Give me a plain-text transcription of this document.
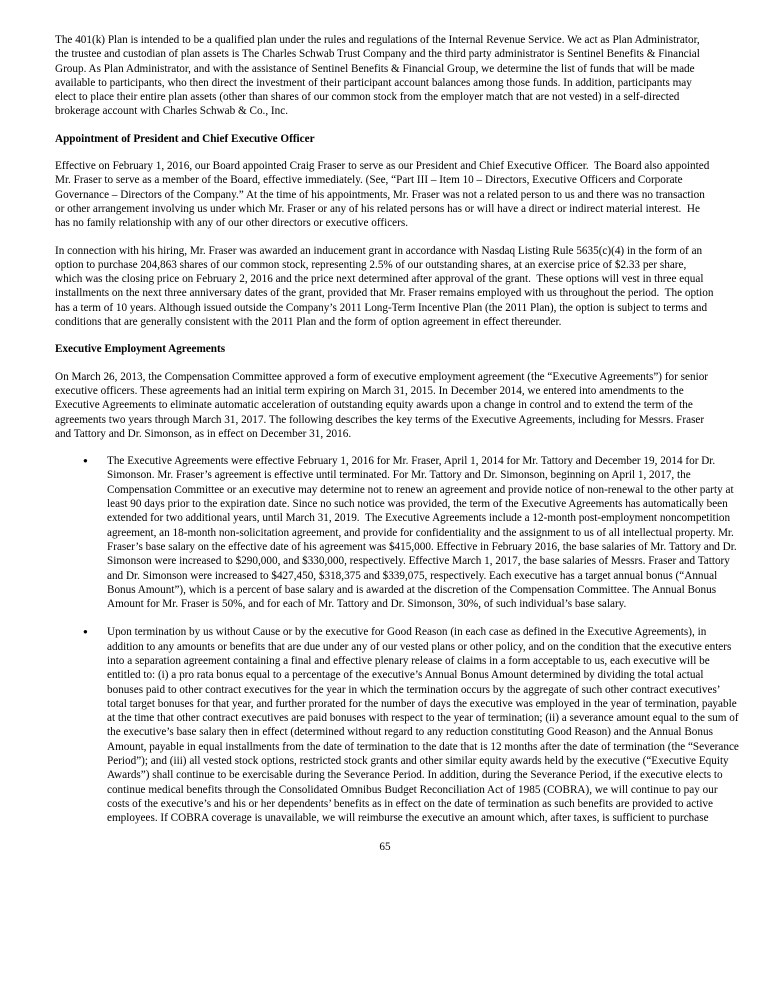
The 401(k) Plan is intended to be a qualified plan under the rules and regulations of the Internal Revenue Service. We act as Plan Administrator, the trustee and custodian of plan assets is The Charles Schwab Trust Company and the third party administrator is Sentinel Benefits & Financial Group. As Plan Administrator, and with the assistance of Sentinel Benefits & Financial Group, we determine the list of funds that will be made available to participants, who then direct the investment of their participant account balances among those funds. In addition, participants may elect to place their entire plan assets (other than shares of our common stock from the employer match that are not vested) in a self-directed brokerage account with Charles Schwab & Co., Inc.

Appointment of President and Chief Executive Officer

Effective on February 1, 2016, our Board appointed Craig Fraser to serve as our President and Chief Executive Officer.  The Board also appointed Mr. Fraser to serve as a member of the Board, effective immediately. (See, “Part III – Item 10 – Directors, Executive Officers and Corporate Governance – Directors of the Company.” At the time of his appointments, Mr. Fraser was not a related person to us and there was no transaction or other arrangement involving us under which Mr. Fraser or any of his related persons has or will have a direct or indirect material interest.  He has no family relationship with any of our other directors or executive officers.

In connection with his hiring, Mr. Fraser was awarded an inducement grant in accordance with Nasdaq Listing Rule 5635(c)(4) in the form of an option to purchase 204,863 shares of our common stock, representing 2.5% of our outstanding shares, at an exercise price of $2.33 per share, which was the closing price on February 2, 2016 and the price next determined after approval of the grant.  These options will vest in three equal installments on the next three anniversary dates of the grant, provided that Mr. Fraser remains employed with us throughout the period.  The option has a term of 10 years. Although issued outside the Company’s 2011 Long-Term Incentive Plan (the 2011 Plan), the option is subject to terms and conditions that are generally consistent with the 2011 Plan and the form of option agreement in effect thereunder.

Executive Employment Agreements

On March 26, 2013, the Compensation Committee approved a form of executive employment agreement (the “Executive Agreements”) for senior executive officers. These agreements had an initial term expiring on March 31, 2015. In December 2014, we entered into amendments to the Executive Agreements to eliminate automatic acceleration of outstanding equity awards upon a change in control and to extend the term of the agreements two years through March 31, 2017. The following describes the key terms of the Executive Agreements, including for Messrs. Fraser and Tattory and Dr. Simonson, as in effect on December 31, 2016.

●	The Executive Agreements were effective February 1, 2016 for Mr. Fraser, April 1, 2014 for Mr. Tattory and December 19, 2014 for Dr. Simonson. Mr. Fraser’s agreement is effective until terminated. For Mr. Tattory and Dr. Simonson, beginning on April 1, 2017, the Compensation Committee or an executive may determine not to renew an agreement and provide notice of non-renewal to the other party at least 90 days prior to the expiration date. Since no such notice was provided, the term of the Executive Agreements has automatically been extended for two additional years, until March 31, 2019.  The Executive Agreements include a 12-month post-employment noncompetition agreement, an 18-month non-solicitation agreement, and provide for confidentiality and the assignment to us of all intellectual property. Mr. Fraser’s base salary on the effective date of his agreement was $415,000. Effective in February 2016, the base salaries of Mr. Tattory and Dr. Simonson were increased to $290,000, and $330,000, respectively. Effective March 1, 2017, the base salaries of Messrs. Fraser and Tattory and Dr. Simonson were increased to $427,450, $318,375 and $339,075, respectively. Each executive has a target annual bonus (“Annual Bonus Amount”), which is a percent of base salary and is awarded at the discretion of the Compensation Committee. The Annual Bonus Amount for Mr. Fraser is 50%, and for each of Mr. Tattory and Dr. Simonson, 30%, of such individual’s base salary.
●	Upon termination by us without Cause or by the executive for Good Reason (in each case as defined in the Executive Agreements), in addition to any amounts or benefits that are due under any of our vested plans or other policy, and on the condition that the executive enters into a separation agreement containing a final and effective plenary release of claims in a form acceptable to us, each executive will be entitled to: (i) a pro rata bonus equal to a percentage of the executive’s Annual Bonus Amount determined by dividing the total actual bonuses paid to other contract executives for the year in which the termination occurs by the aggregate of such other contract executives’ total target bonuses for that year, and further prorated for the number of days the executive was employed in the year of termination, payable at the time that other contract executives are paid bonuses with respect to the year of termination; (ii) a severance amount equal to the sum of the executive’s base salary then in effect (determined without regard to any reduction constituting Good Reason) and the Annual Bonus Amount, payable in equal installments from the date of termination to the date that is 12 months after the date of termination (the “Severance Period”); and (iii) all vested stock options, restricted stock grants and other similar equity awards held by the executive (“Executive Equity Awards”) shall continue to be exercisable during the Severance Period. In addition, during the Severance Period, if the executive elects to continue medical benefits through the Consolidated Omnibus Budget Reconciliation Act of 1985 (COBRA), we will continue to pay our costs of the executive’s and his or her dependents’ benefits as in effect on the date of termination as such benefits are provided to active employees. If COBRA coverage is unavailable, we will reimburse the executive an amount which, after taxes, is sufficient to purchase
65
